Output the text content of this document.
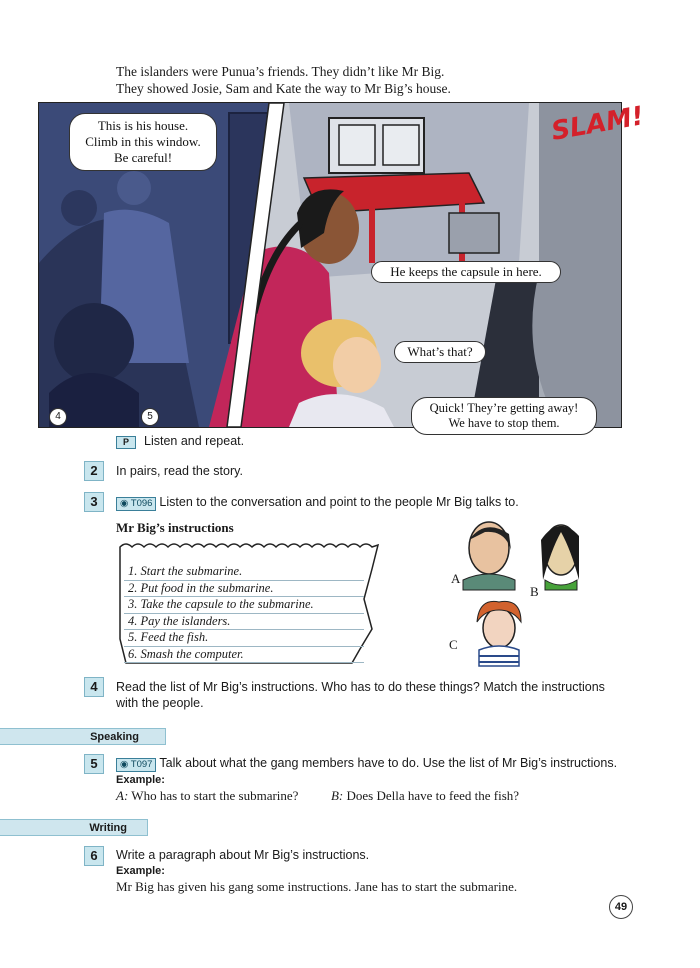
The islanders were Punua’s friends. They didn’t like Mr Big.
They showed Josie, Sam and Kate the way to Mr Big’s house.
This is his house.
Climb in this window.
Be careful!
He keeps the capsule in here.
What’s that?
Quick! They’re getting away!
We have to stop them.
SLAM!
4	5
P Listen and repeat.
2	In pairs, read the story.
3	◉ T096 Listen to the conversation and point to the people Mr Big talks to.
Mr Big’s instructions
1. Start the submarine.
2. Put food in the submarine.
3. Take the capsule to the submarine.
4. Pay the islanders.
5. Feed the fish.
6. Smash the computer.
A
B
C
4	Read the list of Mr Big’s instructions. Who has to do these things? Match the instructions
with the people.
Speaking
5	◉ T097 Talk about what the gang members have to do. Use the list of Mr Big’s instructions.
Example:
A: Who has to start the submarine?	B: Does Della have to feed the fish?
Writing
6	Write a paragraph about Mr Big’s instructions.
Example:
Mr Big has given his gang some instructions. Jane has to start the submarine.
49
